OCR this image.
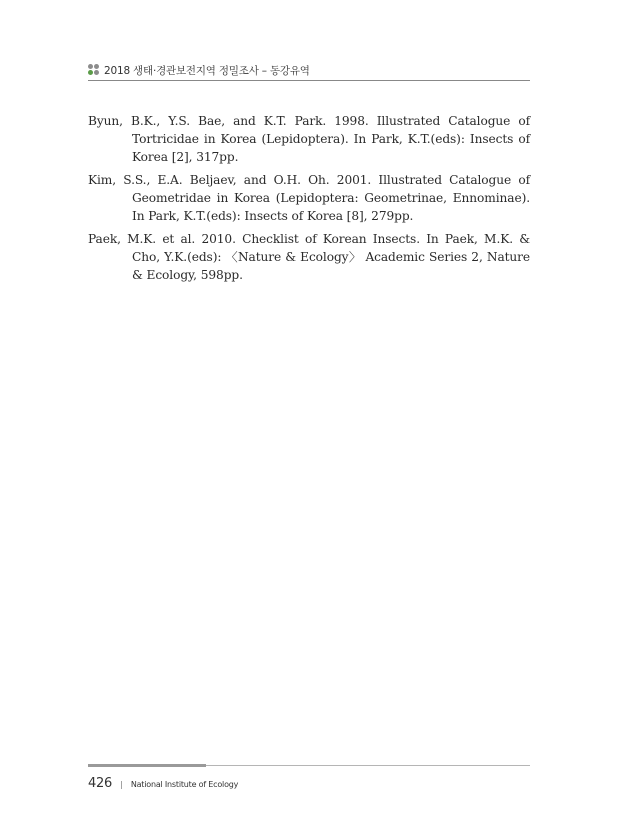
2018 생태·경관보전지역 정밀조사 – 동강유역

Byun, B.K., Y.S. Bae, and K.T. Park. 1998. Illustrated Catalogue of Tortricidae in Korea (Lepidoptera). In Park, K.T.(eds): Insects of Korea [2], 317pp.

Kim, S.S., E.A. Beljaev, and O.H. Oh. 2001. Illustrated Catalogue of Geometridae in Korea (Lepidoptera: Geometrinae, Ennominae). In Park, K.T.(eds): Insects of Korea [8], 279pp.

Paek, M.K. et al. 2010. Checklist of Korean Insects. In Paek, M.K. & Cho, Y.K.(eds): 〈Nature & Ecology〉 Academic Series 2, Nature & Ecology, 598pp.

426 | National Institute of Ecology
